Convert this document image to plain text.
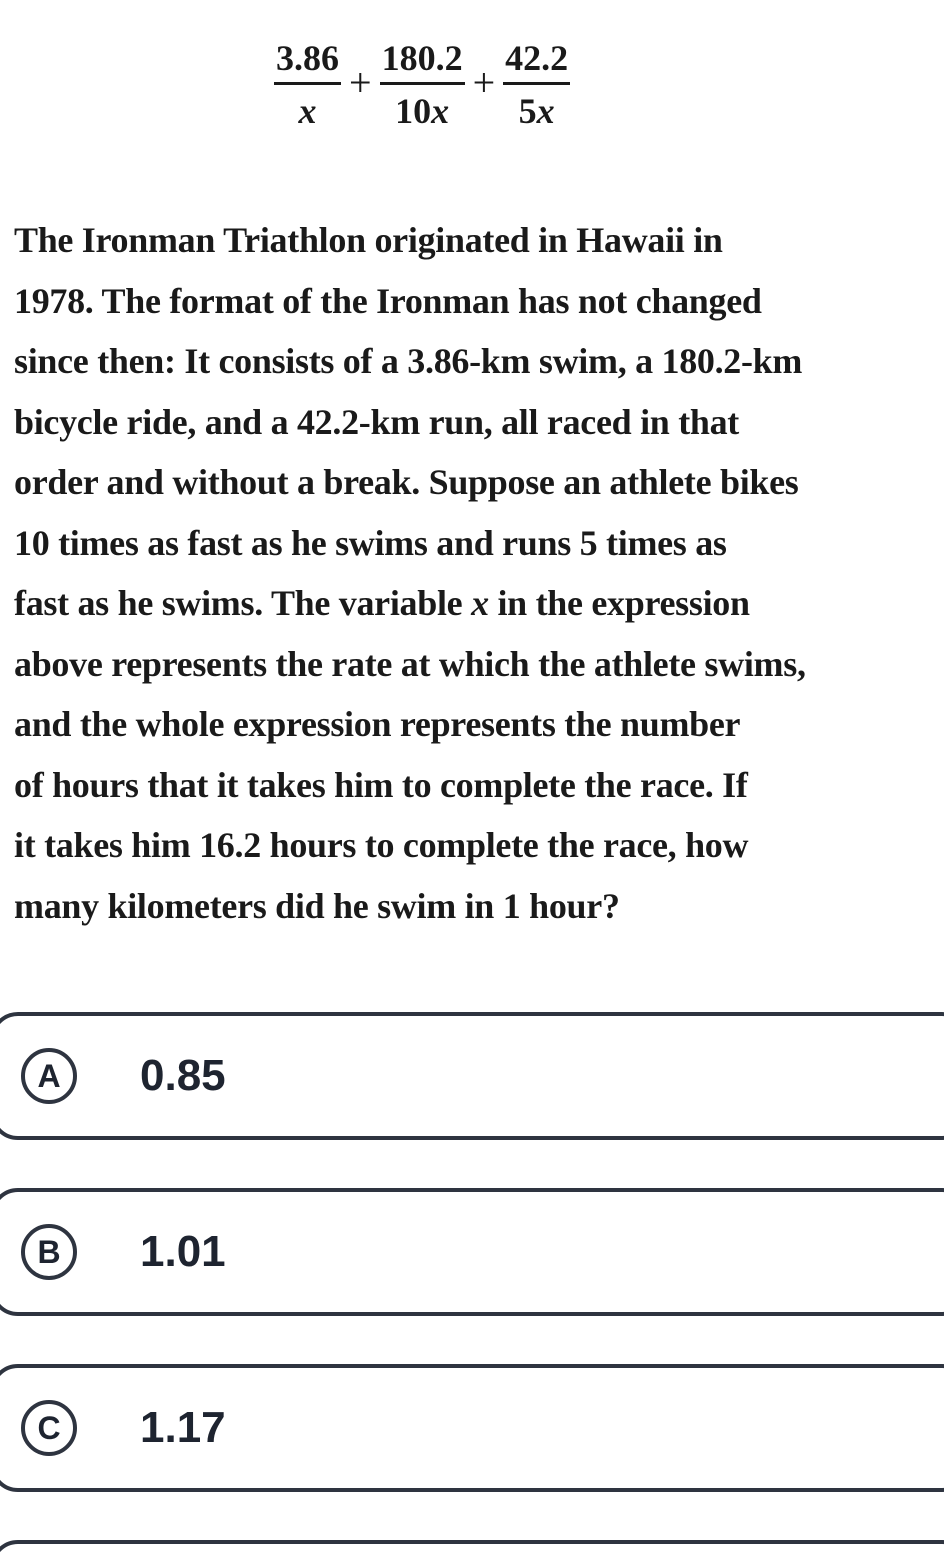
$\frac{3.86}{x} + \frac{180.2}{10x} + \frac{42.2}{5x}$

The Ironman Triathlon originated in Hawaii in
1978. The format of the Ironman has not changed
since then: It consists of a 3.86-km swim, a 180.2-km
bicycle ride, and a 42.2-km run, all raced in that
order and without a break. Suppose an athlete bikes
10 times as fast as he swims and runs 5 times as
fast as he swims. The variable x in the expression
above represents the rate at which the athlete swims,
and the whole expression represents the number
of hours that it takes him to complete the race. If
it takes him 16.2 hours to complete the race, how
many kilometers did he swim in 1 hour?

A	0.85
B	1.01
C	1.17
